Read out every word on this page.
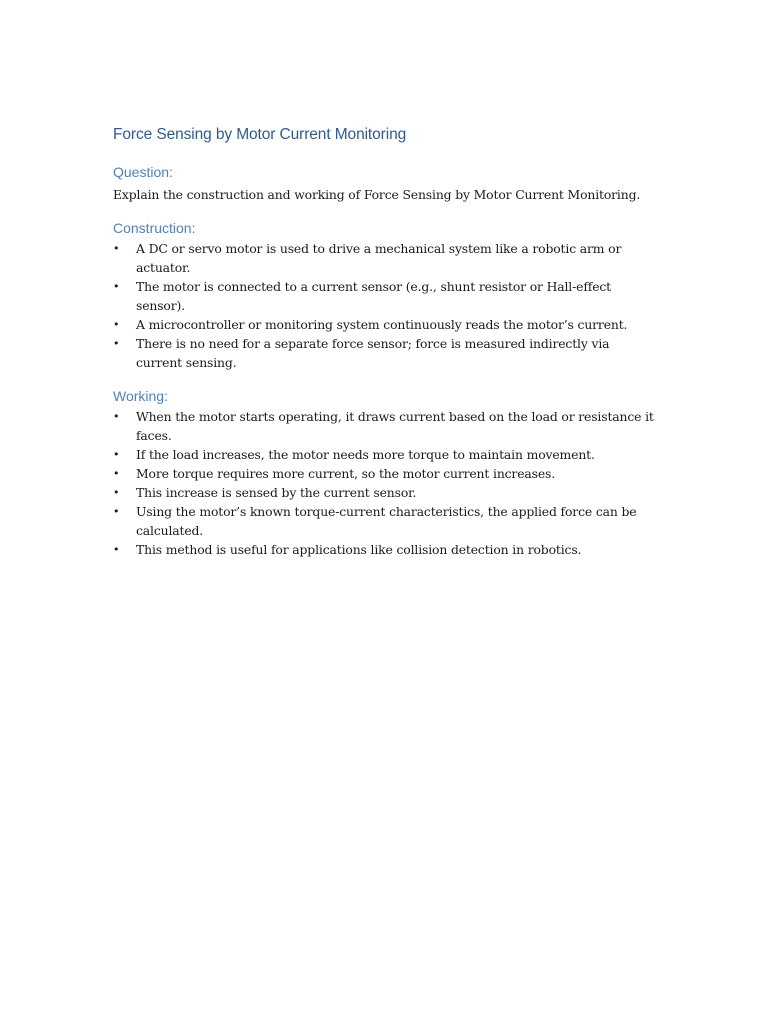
Force Sensing by Motor Current Monitoring
Question:

Explain the construction and working of Force Sensing by Motor Current Monitoring.

Construction:
• A DC or servo motor is used to drive a mechanical system like a robotic arm or actuator.
• The motor is connected to a current sensor (e.g., shunt resistor or Hall-effect sensor).
• A microcontroller or monitoring system continuously reads the motor’s current.
• There is no need for a separate force sensor; force is measured indirectly via current sensing.
Working:
• When the motor starts operating, it draws current based on the load or resistance it faces.
• If the load increases, the motor needs more torque to maintain movement.
• More torque requires more current, so the motor current increases.
• This increase is sensed by the current sensor.
• Using the motor’s known torque-current characteristics, the applied force can be calculated.
• This method is useful for applications like collision detection in robotics.
